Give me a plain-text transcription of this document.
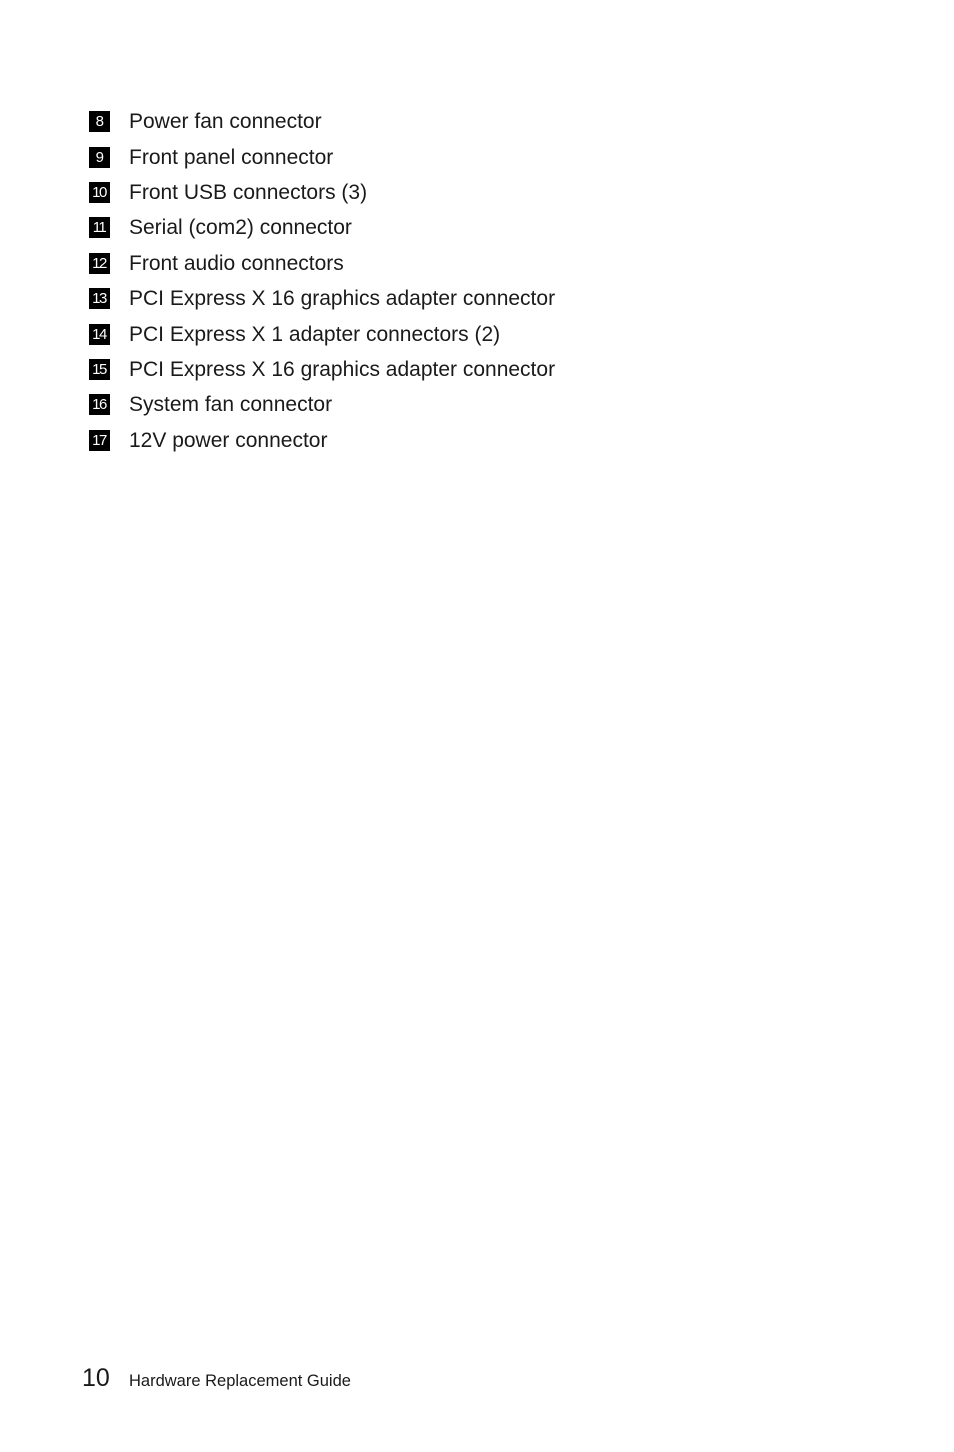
8	Power fan connector
9	Front panel connector
10 Front USB connectors (3)
11 Serial (com2) connector
12 Front audio connectors
13 PCI Express X 16 graphics adapter connector
14 PCI Express X 1 adapter connectors (2)
15 PCI Express X 16 graphics adapter connector
16 System fan connector
17 12V power connector
10	Hardware Replacement Guide
